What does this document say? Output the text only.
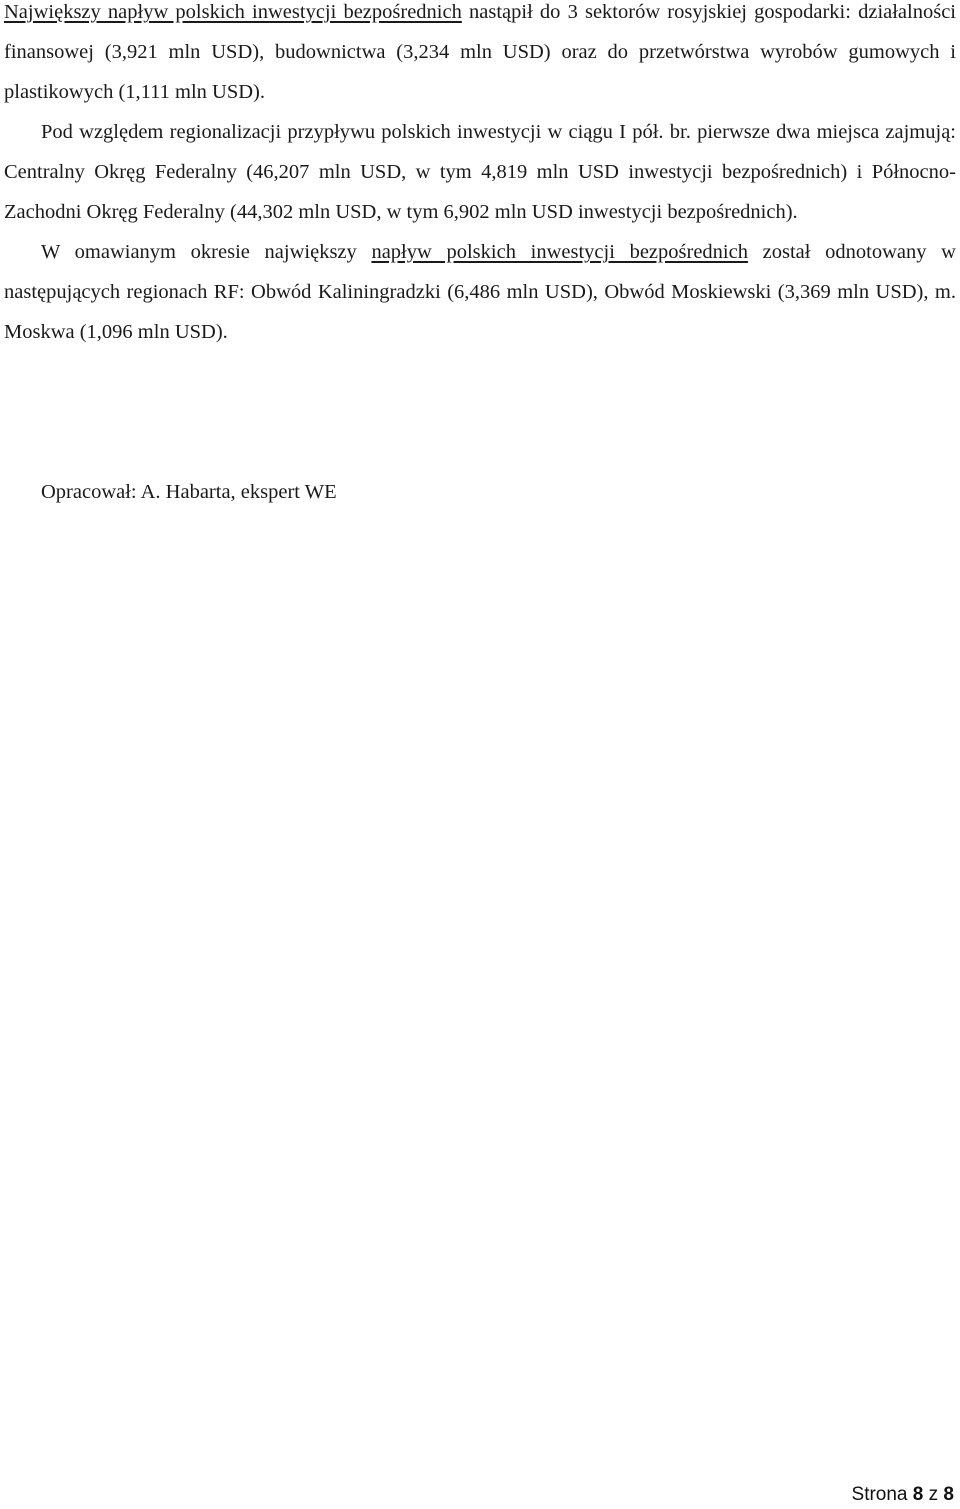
Największy napływ polskich inwestycji bezpośrednich nastąpił do 3 sektorów rosyjskiej gospodarki: działalności finansowej (3,921 mln USD), budownictwa (3,234 mln USD) oraz do przetwórstwa wyrobów gumowych i plastikowych (1,111 mln USD).

Pod względem regionalizacji przypływu polskich inwestycji w ciągu I pół. br. pierwsze dwa miejsca zajmują: Centralny Okręg Federalny (46,207 mln USD, w tym 4,819 mln USD inwestycji bezpośrednich) i Północno-Zachodni Okręg Federalny (44,302 mln USD, w tym 6,902 mln USD inwestycji bezpośrednich).

W omawianym okresie największy napływ polskich inwestycji bezpośrednich został odnotowany w następujących regionach RF: Obwód Kaliningradzki (6,486 mln USD), Obwód Moskiewski (3,369 mln USD), m. Moskwa (1,096 mln USD).

Opracował: A. Habarta, ekspert WE

Strona 8 z 8
